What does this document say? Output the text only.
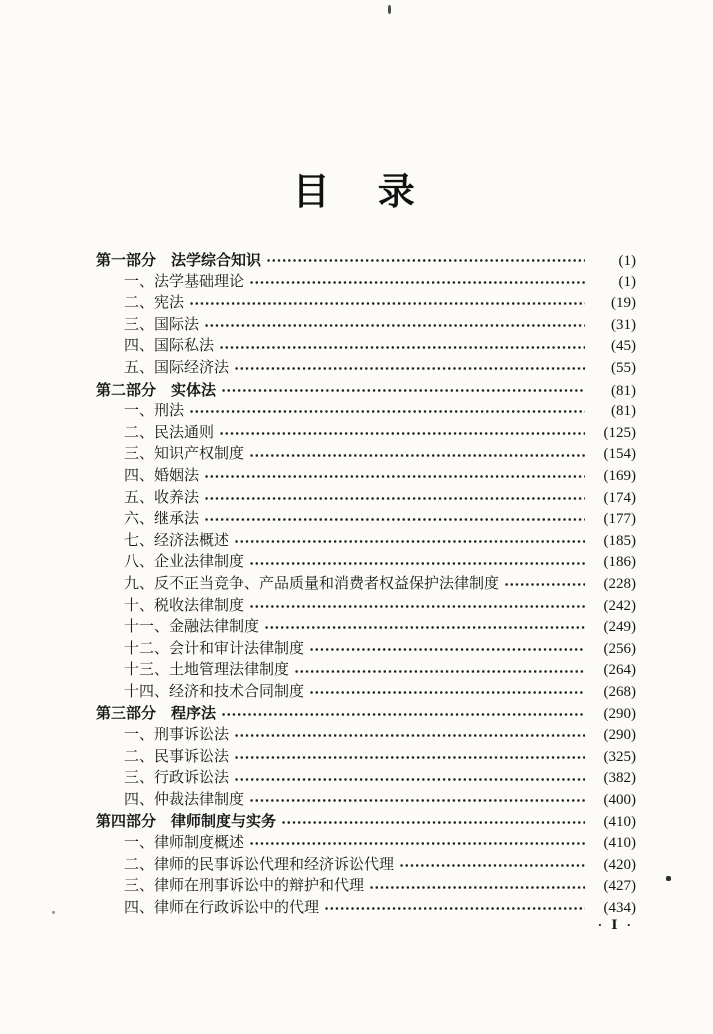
目　录
第一部分　法学综合知识	(1)
一、法学基础理论	(1)
二、宪法	(19)
三、国际法	(31)
四、国际私法	(45)
五、国际经济法	(55)
第二部分　实体法	(81)
一、刑法	(81)
二、民法通则	(125)
三、知识产权制度	(154)
四、婚姻法	(169)
五、收养法	(174)
六、继承法	(177)
七、经济法概述	(185)
八、企业法律制度	(186)
九、反不正当竞争、产品质量和消费者权益保护法律制度	(228)
十、税收法律制度	(242)
十一、金融法律制度	(249)
十二、会计和审计法律制度	(256)
十三、土地管理法律制度	(264)
十四、经济和技术合同制度	(268)
第三部分　程序法	(290)
一、刑事诉讼法	(290)
二、民事诉讼法	(325)
三、行政诉讼法	(382)
四、仲裁法律制度	(400)
第四部分　律师制度与实务	(410)
一、律师制度概述	(410)
二、律师的民事诉讼代理和经济诉讼代理	(420)
三、律师在刑事诉讼中的辩护和代理	(427)
四、律师在行政诉讼中的代理	(434)
· Ⅰ ·
